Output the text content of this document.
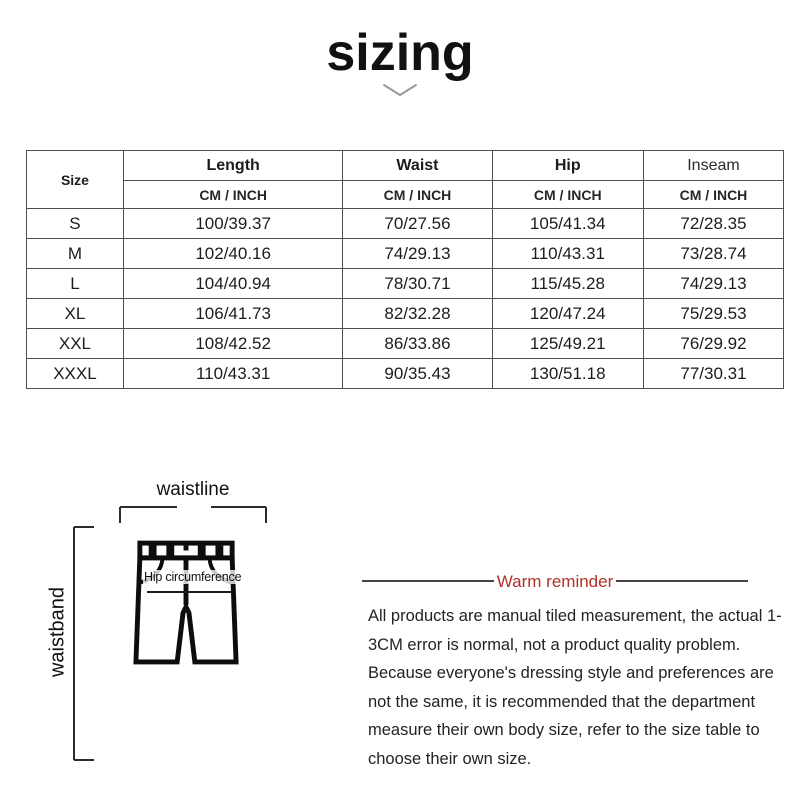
sizing
Size	Length	Waist	Hip	Inseam
	CM / INCH	CM / INCH	CM / INCH	CM / INCH
S	100/39.37	70/27.56	105/41.34	72/28.35
M	102/40.16	74/29.13	110/43.31	73/28.74
L	104/40.94	78/30.71	115/45.28	74/29.13
XL	106/41.73	82/32.28	120/47.24	75/29.53
XXL	108/42.52	86/33.86	125/49.21	76/29.92
XXXL	110/43.31	90/35.43	130/51.18	77/30.31
waistline
waistband
Hip circumference	Warm reminder
All products are manual tiled measurement, the actual 1-3CM error is normal, not a product quality problem. Because everyone's dressing style and preferences are not the same, it is recommended that the department measure their own body size, refer to the size table to choose their own size.
